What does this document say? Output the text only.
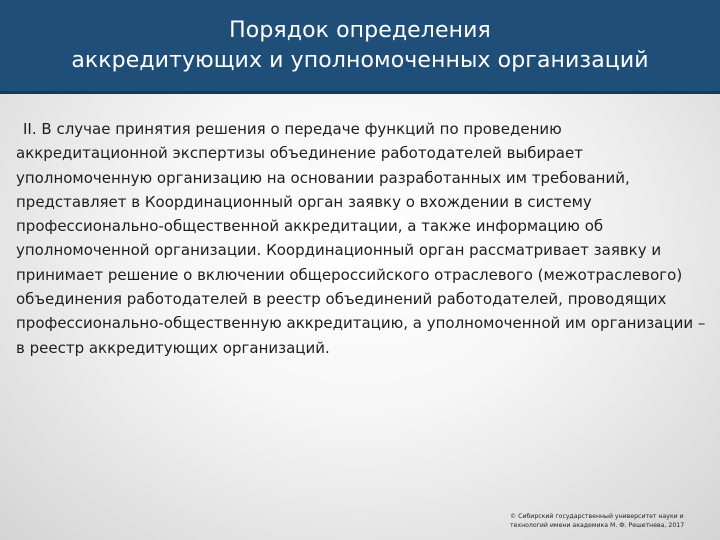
Порядок определения
аккредитующих и уполномоченных организаций

II. В случае принятия решения о передаче функций по проведению аккредитационной экспертизы объединение работодателей выбирает уполномоченную организацию на основании разработанных им требований, представляет в Координационный орган заявку о вхождении в систему профессионально-общественной аккредитации, а также информацию об уполномоченной организации. Координационный орган рассматривает заявку и принимает решение о включении общероссийского отраслевого (межотраслевого) объединения работодателей в реестр объединений работодателей, проводящих профессионально-общественную аккредитацию, а уполномоченной им организации –в реестр аккредитующих организаций.

© Сибирский государственный университет науки и
технологий имени академика М. Ф. Решетнева, 2017
